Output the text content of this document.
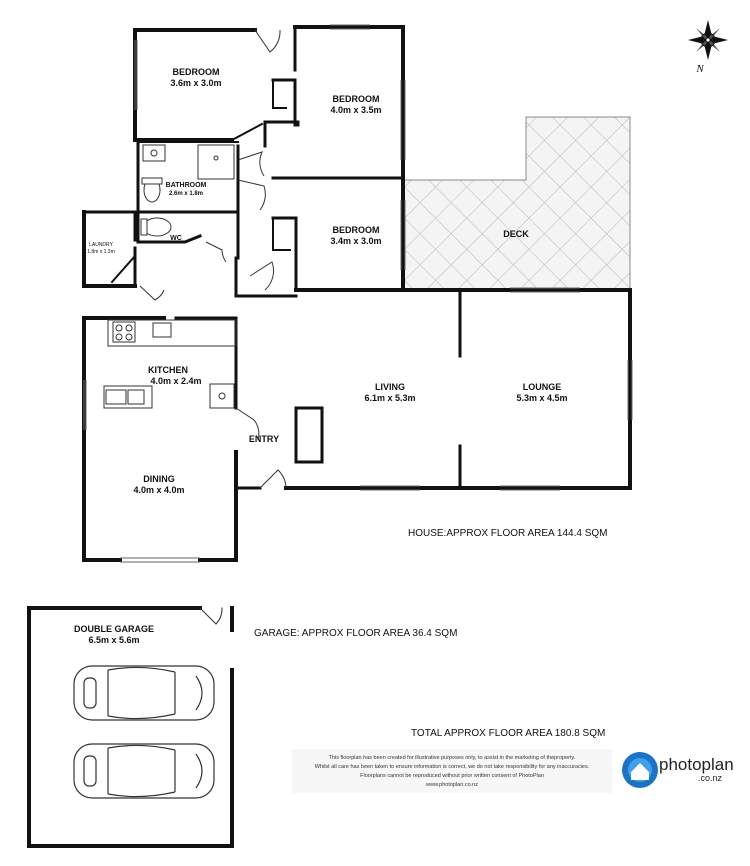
BEDROOM
3.6m x 3.0m
BEDROOM
4.0m x 3.5m
BEDROOM
3.4m x 3.0m
BATHROOM
2.6m x 1.8m
WC
LAUNDRY
1.8m x 1.3m
DECK
KITCHEN
4.0m x 2.4m
LIVING
6.1m x 5.3m
LOUNGE
5.3m x 4.5m
ENTRY
DINING
4.0m x 4.0m
HOUSE:APPROX FLOOR AREA 144.4 SQM
GARAGE: APPROX FLOOR AREA 36.4 SQM
TOTAL APPROX FLOOR AREA 180.8 SQM
DOUBLE GARAGE
6.5m x 5.6m
This floorplan has been created for illustrative purposes only, to assist in the marketing of theproperty.
Whilst all care has been taken to ensure information is correct, we do not take responsibility for any inaccuracies.
Floorplans cannot be reproduced without prior written consent of PhotoPlan
www.photoplan.co.nz
photoplan
.co.nz
N
